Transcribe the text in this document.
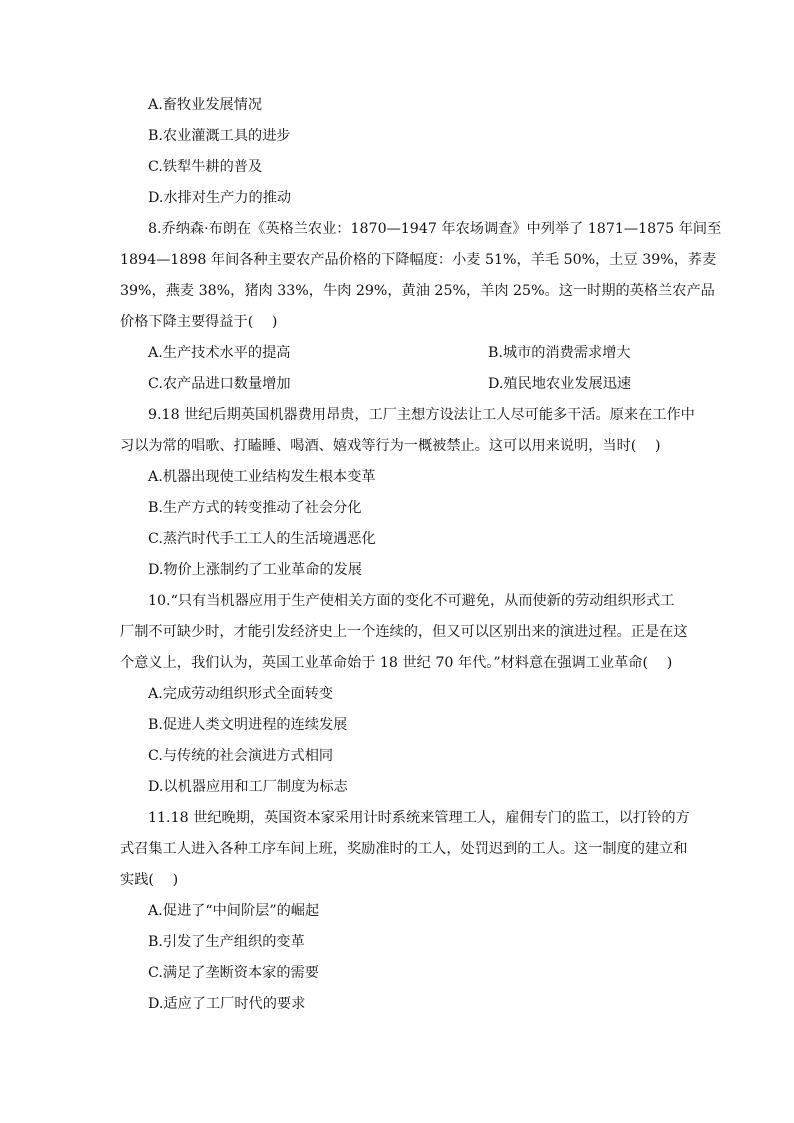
A.畜牧业发展情况
B.农业灌溉工具的进步
C.铁犁牛耕的普及
D.水排对生产力的推动
8.乔纳森·布朗在《英格兰农业：1870—1947 年农场调查》中列举了 1871—1875 年间至
1894—1898 年间各种主要农产品价格的下降幅度：小麦 51%，羊毛 50%，土豆 39%，荞麦
39%，燕麦 38%，猪肉 33%，牛肉 29%，黄油 25%，羊肉 25%。这一时期的英格兰农产品
价格下降主要得益于(　 )
A.生产技术水平的提高	B.城市的消费需求增大
C.农产品进口数量增加	D.殖民地农业发展迅速
9.18 世纪后期英国机器费用昂贵，工厂主想方设法让工人尽可能多干活。原来在工作中
习以为常的唱歌、打瞌睡、喝酒、嬉戏等行为一概被禁止。这可以用来说明，当时(　 )
A.机器出现使工业结构发生根本变革
B.生产方式的转变推动了社会分化
C.蒸汽时代手工工人的生活境遇恶化
D.物价上涨制约了工业革命的发展
10.“只有当机器应用于生产使相关方面的变化不可避免，从而使新的劳动组织形式工
厂制不可缺少时，才能引发经济史上一个连续的，但又可以区别出来的演进过程。正是在这
个意义上，我们认为，英国工业革命始于 18 世纪 70 年代。”材料意在强调工业革命(　 )
A.完成劳动组织形式全面转变
B.促进人类文明进程的连续发展
C.与传统的社会演进方式相同
D.以机器应用和工厂制度为标志
11.18 世纪晚期，英国资本家采用计时系统来管理工人，雇佣专门的监工，以打铃的方
式召集工人进入各种工序车间上班，奖励准时的工人，处罚迟到的工人。这一制度的建立和
实践(　 )
A.促进了“中间阶层”的崛起
B.引发了生产组织的变革
C.满足了垄断资本家的需要
D.适应了工厂时代的要求
